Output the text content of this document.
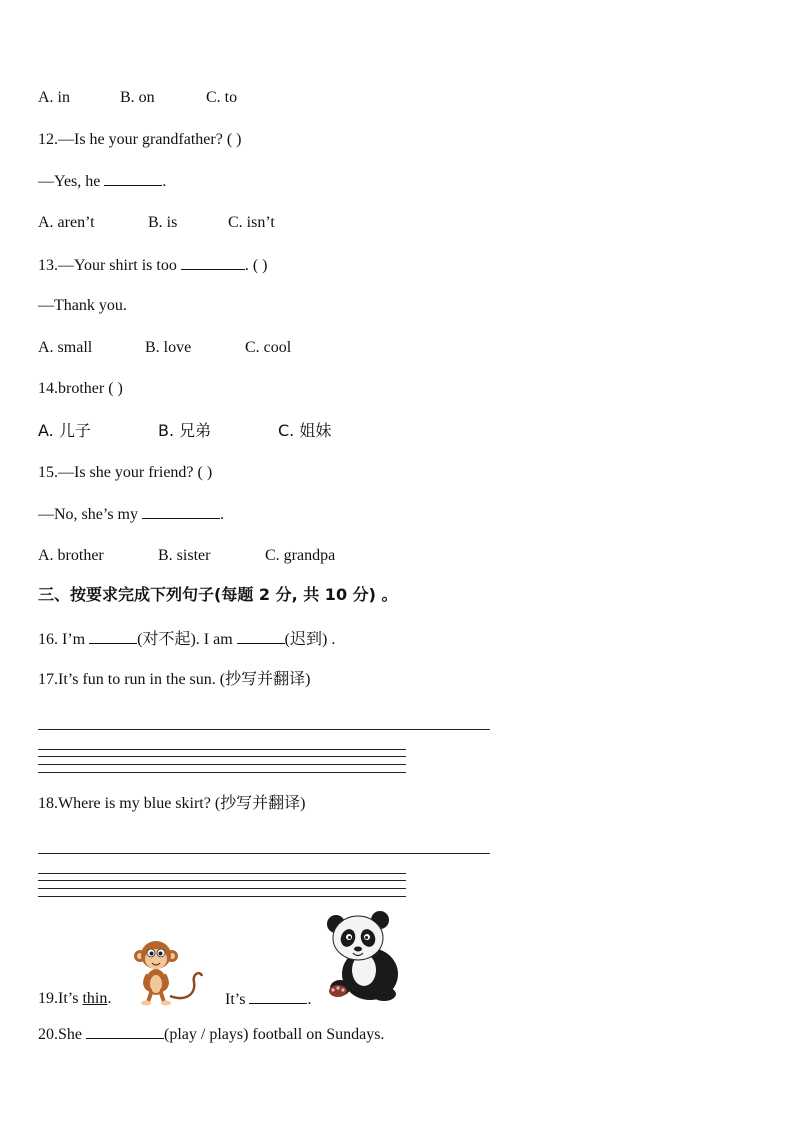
A. in	B. on	C. to
12.—Is he your grandfather? ( )
—Yes, he	.
A. aren’t	B. is	C. isn’t
13.—Your shirt is too	. ( )
—Thank you.
A. small	B. love	C. cool
14.brother ( )
A. 儿子	B. 兄弟	C. 姐妹
15.—Is she your friend? ( )
—No, she’s my	.
A. brother	B. sister	C. grandpa
三、按要求完成下列句子(每题 2 分, 共 10 分) 。
16. I’m	(对不起). I am	(迟到) .
17.It’s fun to run in the sun. (抄写并翻译)
18.Where is my blue skirt? (抄写并翻译)
19.It’s thin.	It’s	.
20.She	(play / plays) football on Sundays.
